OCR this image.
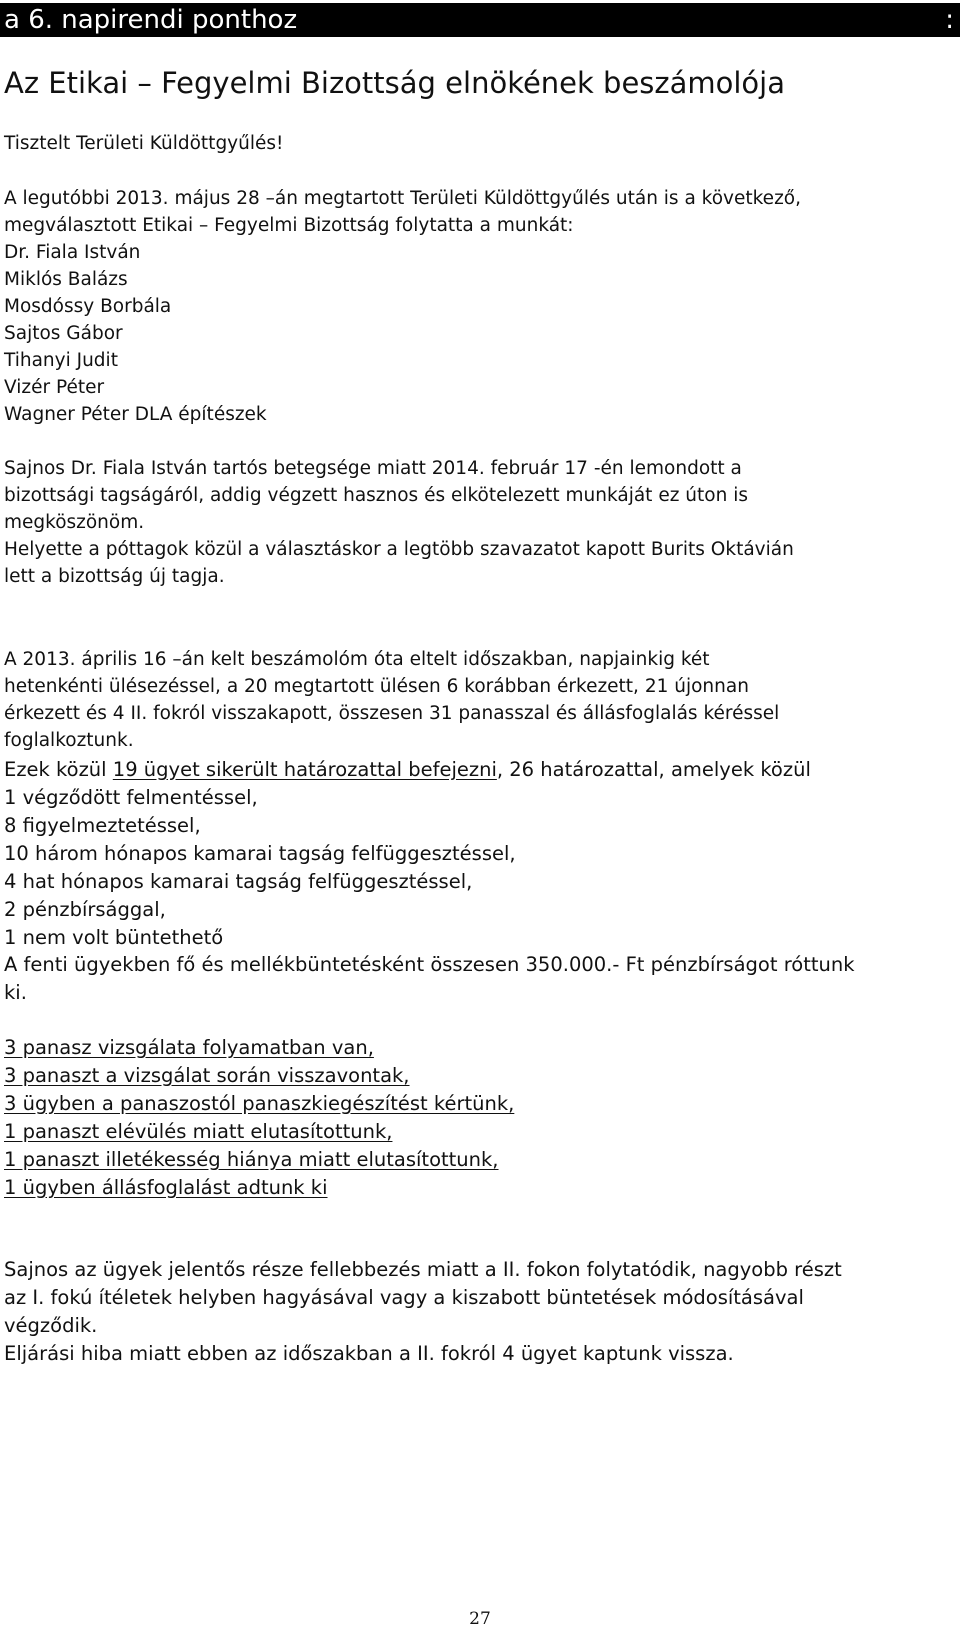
a 6. napirendi ponthoz	:
Az Etikai – Fegyelmi Bizottság elnökének beszámolója

Tisztelt Területi Küldöttgyűlés!

A legutóbbi 2013. május 28 –án megtartott Területi Küldöttgyűlés után is a következő,

megválasztott Etikai – Fegyelmi Bizottság folytatta a munkát:

Dr. Fiala István

Miklós Balázs

Mosdóssy Borbála

Sajtos Gábor

Tihanyi Judit

Vizér Péter

Wagner Péter DLA építészek

Sajnos Dr. Fiala István tartós betegsége miatt 2014. február 17 -én lemondott a

bizottsági tagságáról, addig végzett hasznos és elkötelezett munkáját ez úton is

megköszönöm.

Helyette a póttagok közül a választáskor a legtöbb szavazatot kapott Burits Oktávián

lett a bizottság új tagja.

A 2013. április 16 –án kelt beszámolóm óta eltelt időszakban, napjainkig két

hetenkénti ülésezéssel, a 20 megtartott ülésen 6 korábban érkezett, 21 újonnan

érkezett és 4 II. fokról visszakapott, összesen 31 panasszal és állásfoglalás kéréssel

foglalkoztunk.

Ezek közül 19 ügyet sikerült határozattal befejezni, 26 határozattal, amelyek közül

1 végződött felmentéssel,

8 figyelmeztetéssel,

10 három hónapos kamarai tagság felfüggesztéssel,

4 hat hónapos kamarai tagság felfüggesztéssel,

2 pénzbírsággal,

1 nem volt büntethető

A fenti ügyekben fő és mellékbüntetésként összesen 350.000.- Ft pénzbírságot róttunk

ki.

3 panasz vizsgálata folyamatban van,

3 panaszt a vizsgálat során visszavontak,

3 ügyben a panaszostól panaszkiegészítést kértünk,

1 panaszt elévülés miatt elutasítottunk,

1 panaszt illetékesség hiánya miatt elutasítottunk,

1 ügyben állásfoglalást adtunk ki

Sajnos az ügyek jelentős része fellebbezés miatt a II. fokon folytatódik, nagyobb részt

az I. fokú ítéletek helyben hagyásával vagy a kiszabott büntetések módosításával

végződik.

Eljárási hiba miatt ebben az időszakban a II. fokról 4 ügyet kaptunk vissza.

27
